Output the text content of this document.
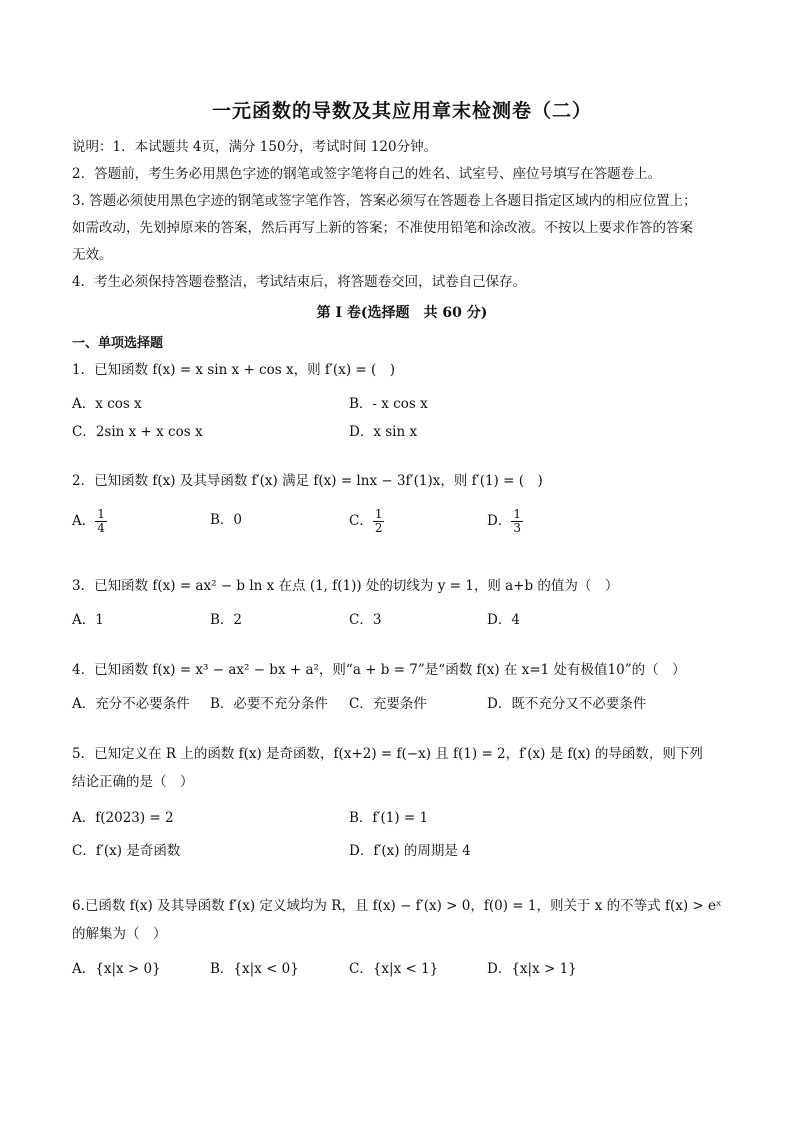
一元函数的导数及其应用章末检测卷（二）
说明：1．本试题共 4页，满分 150分，考试时间 120分钟。
2．答题前，考生务必用黑色字迹的钢笔或签字笔将自己的姓名、试室号、座位号填写在答题卷上。
3. 答题必须使用黑色字迹的钢笔或签字笔作答，答案必须写在答题卷上各题目指定区域内的相应位置上；
如需改动，先划掉原来的答案，然后再写上新的答案；不准使用铅笔和涂改液。不按以上要求作答的答案
无效。
4．考生必须保持答题卷整洁，考试结束后，将答题卷交回，试卷自己保存。
第 I 卷(选择题　共 60 分)
一、单项选择题
1．已知函数 f(x) = x sin x + cos x，则 f′(x) = (　)
A．x cos x	B．- x cos x
C．2sin x + x cos x	D．x sin x
2．已知函数 f(x) 及其导函数 f′(x) 满足 f(x) = lnx − 3f′(1)x，则 f′(1) = (　)
A． $\frac{1}{4}$	B．0	C． $\frac{1}{2}$	D． $\frac{1}{3}$
3．已知函数 f(x) = ax² − b ln x 在点 (1, f(1)) 处的切线为 y = 1，则 a+b 的值为（　）
A．1	B．2	C．3	D．4
4．已知函数 f(x) = x³ − ax² − bx + a²，则“a + b = 7”是“函数 f(x) 在 x=1 处有极值10”的（　）
A．充分不必要条件 B．必要不充分条件 C．充要条件	D．既不充分又不必要条件
5．已知定义在 R 上的函数 f(x) 是奇函数，f(x+2) = f(−x) 且 f(1) = 2，f′(x) 是 f(x) 的导函数，则下列
结论正确的是（　）
A．f(2023) = 2	B．f′(1) = 1
C．f′(x) 是奇函数	D．f′(x) 的周期是 4
6.已函数 f(x) 及其导函数 f′(x) 定义域均为 R，且 f(x) − f′(x) > 0，f(0) = 1，则关于 x 的不等式 f(x) > eˣ
的解集为（　）
A．{x|x > 0}	B．{x|x < 0}	C．{x|x < 1}	D．{x|x > 1}
